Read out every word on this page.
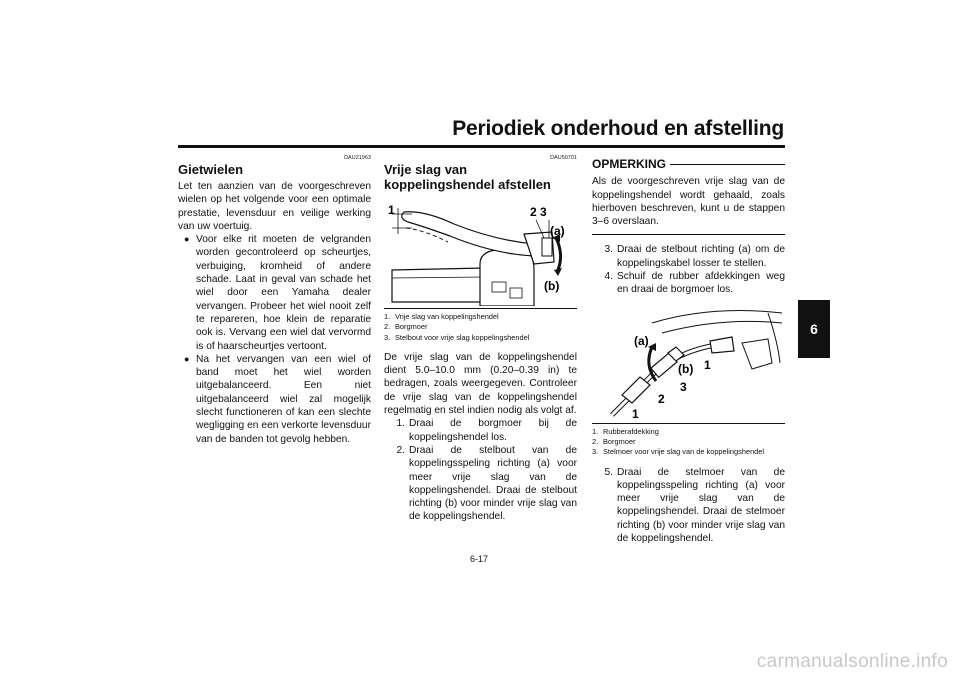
Periodiek onderhoud en afstelling
6
DAU21963
Gietwielen

Let ten aanzien van de voorgeschreven wielen op het volgende voor een optimale prestatie, levensduur en veilige werking van uw voertuig.

● Voor elke rit moeten de velgranden worden gecontroleerd op scheurtjes, verbuiging, kromheid of andere schade. Laat in geval van schade het wiel door een Yamaha dealer vervangen. Probeer het wiel nooit zelf te repareren, hoe klein de reparatie ook is. Vervang een wiel dat vervormd is of haarscheurtjes vertoont.
● Na het vervangen van een wiel of band moet het wiel worden uitgebalanceerd. Een niet uitgebalanceerd wiel zal mogelijk slecht functioneren of kan een slechte wegligging en een verkorte levensduur van de banden tot gevolg hebben.
DAU50701
Vrije slag van koppelingshendel afstellen
1	2 3
(a)
(b)
1. Vrije slag van koppelingshendel
2. Borgmoer
3. Stelbout voor vrije slag koppelingshendel

De vrije slag van de koppelingshendel dient 5.0–10.0 mm (0.20–0.39 in) te bedragen, zoals weergegeven. Controleer de vrije slag van de koppelingshendel regelmatig en stel indien nodig als volgt af.

1. Draai de borgmoer bij de koppelingshendel los.
2. Draai de stelbout van de koppelingsspeling richting (a) voor meer vrije slag van de koppelingshendel. Draai de stelbout richting (b) voor minder vrije slag van de koppelingshendel.
OPMERKING

Als de voorgeschreven vrije slag van de koppelingshendel wordt gehaald, zoals hierboven beschreven, kunt u de stappen 3–6 overslaan.

3. Draai de stelbout richting (a) om de koppelingskabel losser te stellen.
4. Schuif de rubber afdekkingen weg en draai de borgmoer los.
(a)
(b) 1
2
3
1
1. Rubberafdekking
2. Borgmoer
3. Stelmoer voor vrije slag van de koppelingshendel
5. Draai de stelmoer van de koppelingsspeling richting (a) voor meer vrije slag van de koppelingshendel. Draai de stelmoer richting (b) voor minder vrije slag van de koppelingshendel.
6-17
carmanualsonline.info
